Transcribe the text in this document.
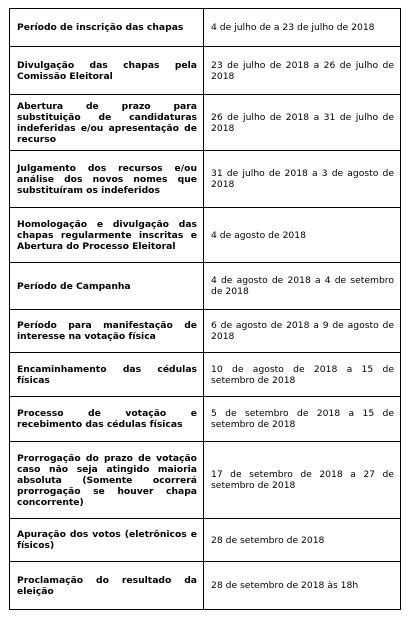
Período de inscrição das chapas	4 de julho de a 23 de julho de 2018
Divulgação das chapas pela Comissão Eleitoral	23 de julho de 2018 a 26 de julho de 2018
Abertura de prazo para substituição de candidaturas indeferidas e/ou apresentação de recurso	26 de julho de 2018 a 31 de julho de 2018
Julgamento dos recursos e/ou análise dos novos nomes que substituíram os indeferidos	31 de julho de 2018 a 3 de agosto de 2018
Homologação e divulgação das chapas regularmente inscritas e Abertura do Processo Eleitoral	4 de agosto de 2018
Período de Campanha	4 de agosto de 2018 a 4 de setembro de 2018
Período para manifestação de interesse na votação física	6 de agosto de 2018 a 9 de agosto de 2018
Encaminhamento das cédulas físicas	10 de agosto de 2018 a 15 de setembro de 2018
Processo de votação e recebimento das cédulas físicas	5 de setembro de 2018 a 15 de setembro de 2018
Prorrogação do prazo de votação caso não seja atingido maioria absoluta (Somente ocorrerá prorrogação se houver chapa concorrente)	17 de setembro de 2018 a 27 de setembro de 2018
Apuração dos votos (eletrônicos e físicos)	28 de setembro de 2018
Proclamação do resultado da eleição	28 de setembro de 2018 às 18h
